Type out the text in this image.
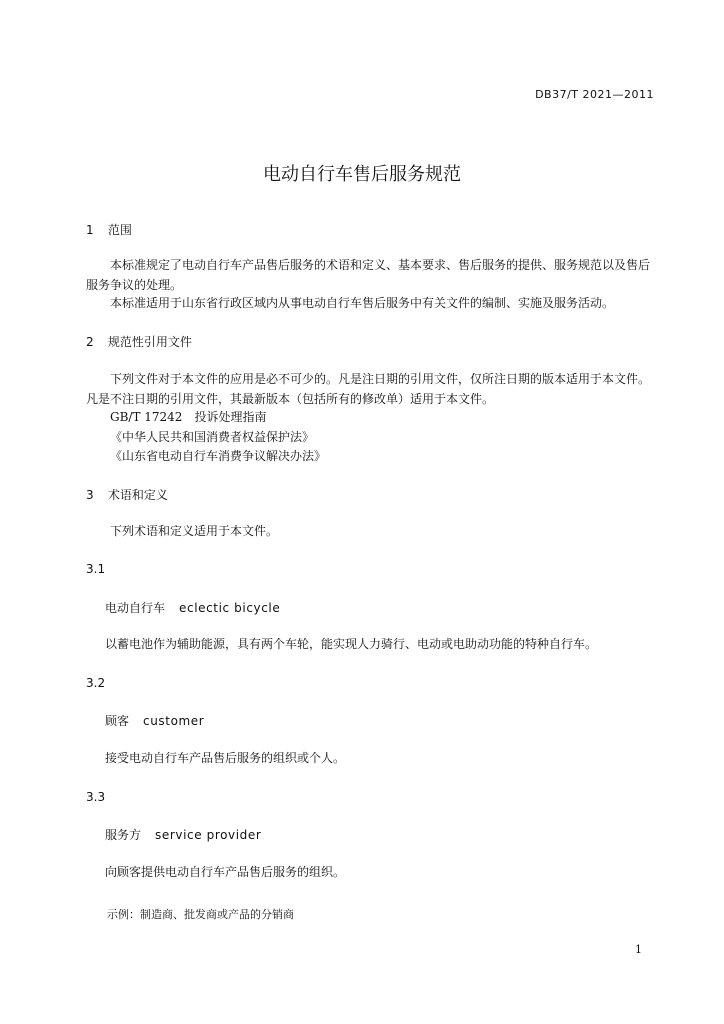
DB37/T 2021—2011
电动自行车售后服务规范
1 范围
本标准规定了电动自行车产品售后服务的术语和定义、基本要求、售后服务的提供、服务规范以及售后服务争议的处理。
本标准适用于山东省行政区域内从事电动自行车售后服务中有关文件的编制、实施及服务活动。
2 规范性引用文件
下列文件对于本文件的应用是必不可少的。凡是注日期的引用文件，仅所注日期的版本适用于本文件。凡是不注日期的引用文件，其最新版本（包括所有的修改单）适用于本文件。
GB/T 17242　投诉处理指南
《中华人民共和国消费者权益保护法》
《山东省电动自行车消费争议解决办法》
3 术语和定义
下列术语和定义适用于本文件。
3.1
电动自行车 eclectic bicycle
以蓄电池作为辅助能源，具有两个车轮，能实现人力骑行、电动或电助动功能的特种自行车。
3.2
顾客 customer
接受电动自行车产品售后服务的组织或个人。
3.3
服务方 service provider
向顾客提供电动自行车产品售后服务的组织。
示例：制造商、批发商或产品的分销商
1
